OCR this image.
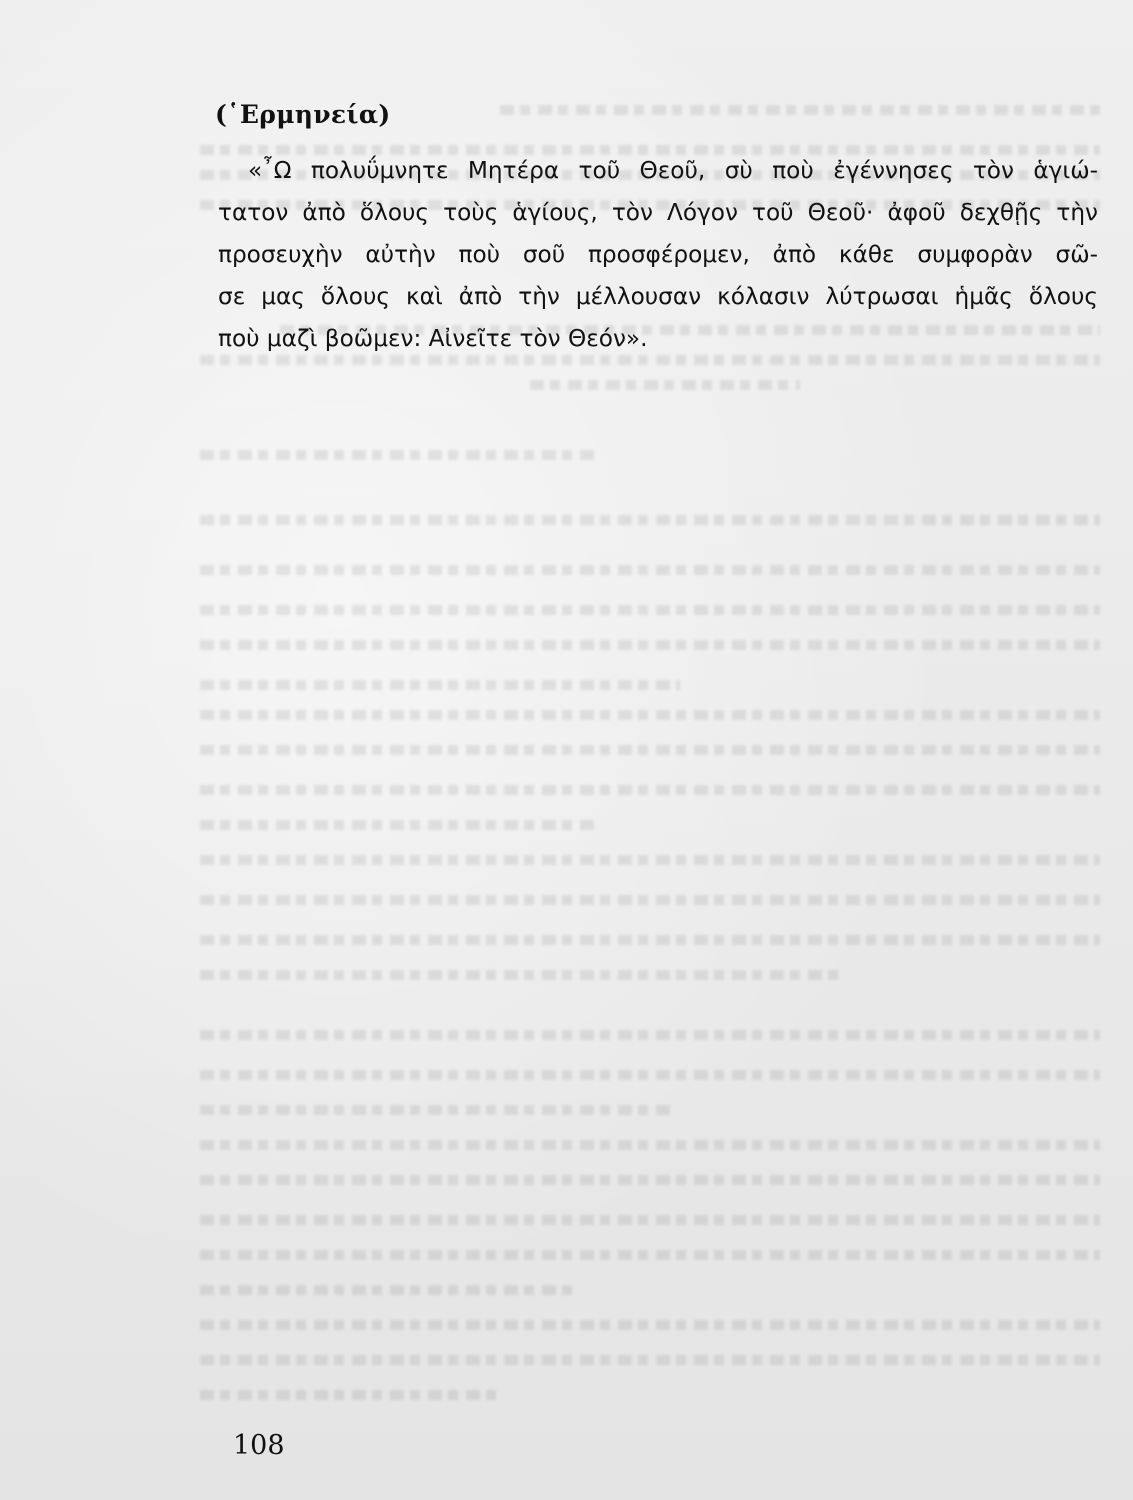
(῾Ερμηνεία)
«῏Ω πολυΰμνητε Μητέρα τοῦ Θεοῦ, σὺ ποὺ ἐγέννησες τὸν ἁγιώ-
τατον ἀπὸ ὅλους τοὺς ἁγίους, τὸν Λόγον τοῦ Θεοῦ· ἀφοῦ δεχθῇς τὴν
προσευχὴν αὐτὴν ποὺ σοῦ προσφέρομεν, ἀπὸ κάθε συμφορὰν σῶ-
σε μας ὅλους καὶ ἀπὸ τὴν μέλλουσαν κόλασιν λύτρωσαι ἡμᾶς ὅλους
ποὺ μαζὶ βοῶμεν: Αἰνεῖτε τὸν Θεόν».
108
